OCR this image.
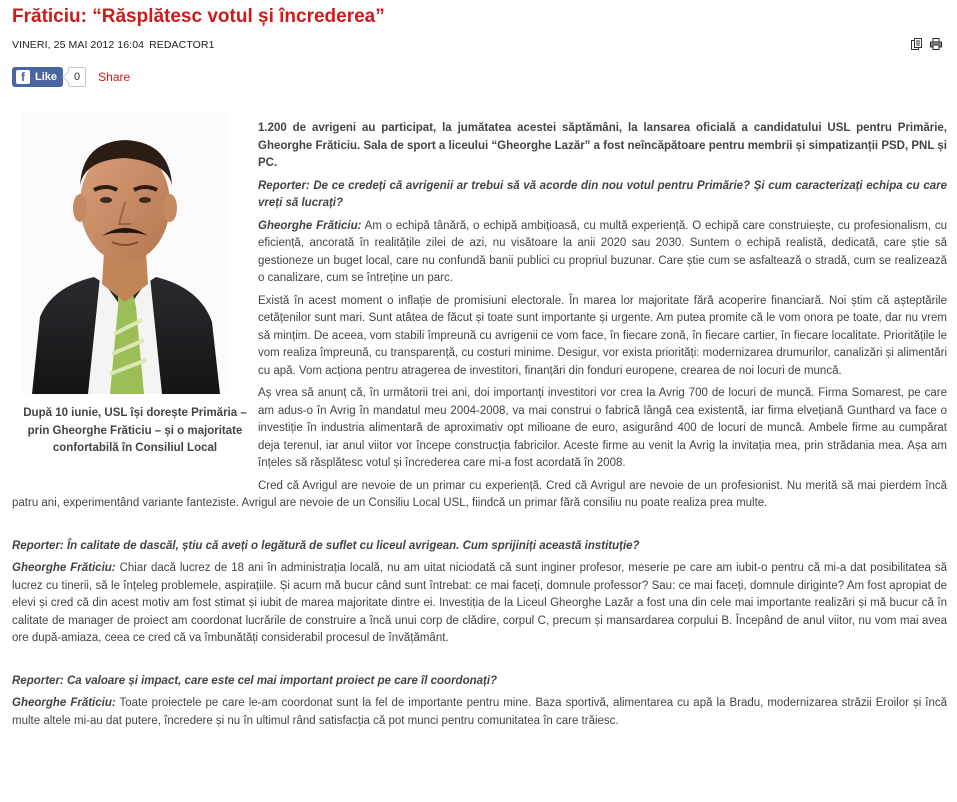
Frăticiu: “Răsplătesc votul și încrederea”
VINERI, 25 MAI 2012 16:04 REDACTOR1
f Like	0	Share
După 10 iunie, USL își dorește Primăria – prin Gheorghe Frăticiu – și o majoritate confortabilă în Consiliul Local

1.200 de avrigeni au participat, la jumătatea acestei săptămâni, la lansarea oficială a candidatului USL pentru Primărie, Gheorghe Frăticiu. Sala de sport a liceului “Gheorghe Lazăr” a fost neîncăpătoare pentru membrii și simpatizanții PSD, PNL și PC.

Reporter: De ce credeți că avrigenii ar trebui să vă acorde din nou votul pentru Primărie? Și cum caracterizați echipa cu care vreți să lucrați?

Gheorghe Frăticiu: Am o echipă tânără, o echipă ambițioasă, cu multă experiență. O echipă care construiește, cu profesionalism, cu eficiență, ancorată în realitățile zilei de azi, nu visătoare la anii 2020 sau 2030. Suntem o echipă realistă, dedicată, care știe să gestioneze un buget local, care nu confundă banii publici cu propriul buzunar. Care știe cum se asfaltează o stradă, cum se realizează o canalizare, cum se întreține un parc.

Există în acest moment o inflație de promisiuni electorale. În marea lor majoritate fără acoperire financiară. Noi știm că așteptările cetățenilor sunt mari. Sunt atâtea de făcut și toate sunt importante și urgente. Am putea promite că le vom onora pe toate, dar nu vrem să mințim. De aceea, vom stabili împreună cu avrigenii ce vom face, în fiecare zonă, în fiecare cartier, în fiecare localitate. Prioritățile le vom realiza împreună, cu transparență, cu costuri minime. Desigur, vor exista priorități: modernizarea drumurilor, canalizări și alimentări cu apă. Vom acționa pentru atragerea de investitori, finanțări din fonduri europene, crearea de noi locuri de muncă.

Aș vrea să anunț că, în următorii trei ani, doi importanți investitori vor crea la Avrig 700 de locuri de muncă. Firma Somarest, pe care am adus-o în Avrig în mandatul meu 2004-2008, va mai construi o fabrică lângă cea existentă, iar firma elvețiană Gunthard va face o investiție în industria alimentară de aproximativ opt milioane de euro, asigurând 400 de locuri de muncă. Ambele firme au cumpărat deja terenul, iar anul viitor vor începe construcția fabricilor. Aceste firme au venit la Avrig la invitația mea, prin strădania mea. Așa am înțeles să răsplătesc votul și încrederea care mi-a fost acordată în 2008.

Cred că Avrigul are nevoie de un primar cu experiență. Cred că Avrigul are nevoie de un profesionist. Nu merită să mai pierdem încă patru ani, experimentând variante fanteziste. Avrigul are nevoie de un Consiliu Local USL, fiindcă un primar fără consiliu nu poate realiza prea multe.

Reporter: În calitate de dascăl, știu că aveți o legătură de suflet cu liceul avrigean. Cum sprijiniți această instituție?

Gheorghe Frăticiu: Chiar dacă lucrez de 18 ani în administrația locală, nu am uitat niciodată că sunt inginer profesor, meserie pe care am iubit-o pentru că mi-a dat posibilitatea să lucrez cu tinerii, să le înțeleg problemele, aspirațiile. Și acum mă bucur când sunt întrebat: ce mai faceți, domnule professor? Sau: ce mai faceți, domnule diriginte? Am fost apropiat de elevi și cred că din acest motiv am fost stimat și iubit de marea majoritate dintre ei. Investiția de la Liceul Gheorghe Lazăr a fost una din cele mai importante realizări și mă bucur că în calitate de manager de proiect am coordonat lucrările de construire a încă unui corp de clădire, corpul C, precum și mansardarea corpului B. Începând de anul viitor, nu vom mai avea ore după-amiaza, ceea ce cred că va îmbunătăți considerabil procesul de învățământ.

Reporter: Ca valoare și impact, care este cel mai important proiect pe care îl coordonați?

Gheorghe Frăticiu: Toate proiectele pe care le-am coordonat sunt la fel de importante pentru mine. Baza sportivă, alimentarea cu apă la Bradu, modernizarea străzii Eroilor și încă multe altele mi-au dat putere, încredere și nu în ultimul rând satisfacția că pot munci pentru comunitatea în care trăiesc.
